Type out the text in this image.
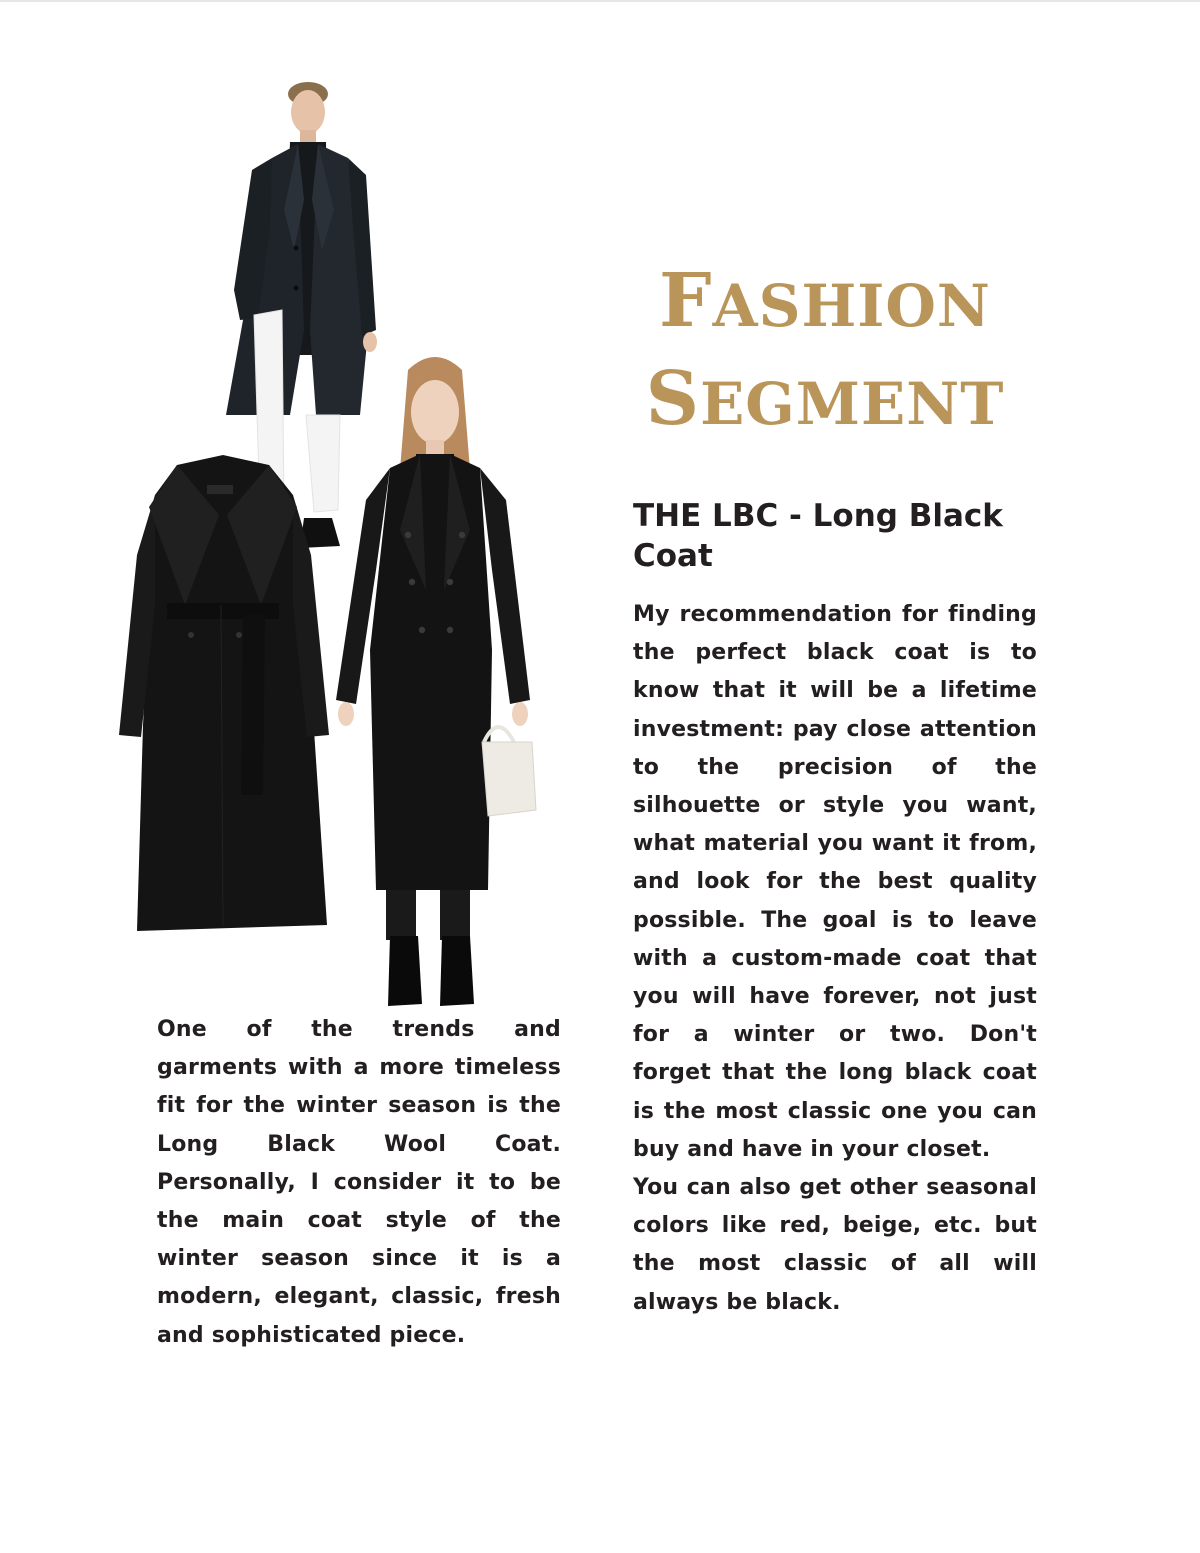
FASHION
SEGMENT
THE LBC - Long Black Coat
My recommendation for finding the perfect black coat is to know that it will be a lifetime investment: pay close attention to the precision of the silhouette or style you want, what material you want it from, and look for the best quality possible. The goal is to leave with a custom-made coat that you will have forever, not just for a winter or two. Don't forget that the long black coat is the most classic one you can buy and have in your closet.
You can also get other seasonal colors like red, beige, etc. but the most classic of all will always be black.
One of the trends and garments with a more timeless fit for the winter season is the Long Black Wool Coat. Personally, I consider it to be the main coat style of the winter season since it is a modern, elegant, classic, fresh and sophisticated piece.
